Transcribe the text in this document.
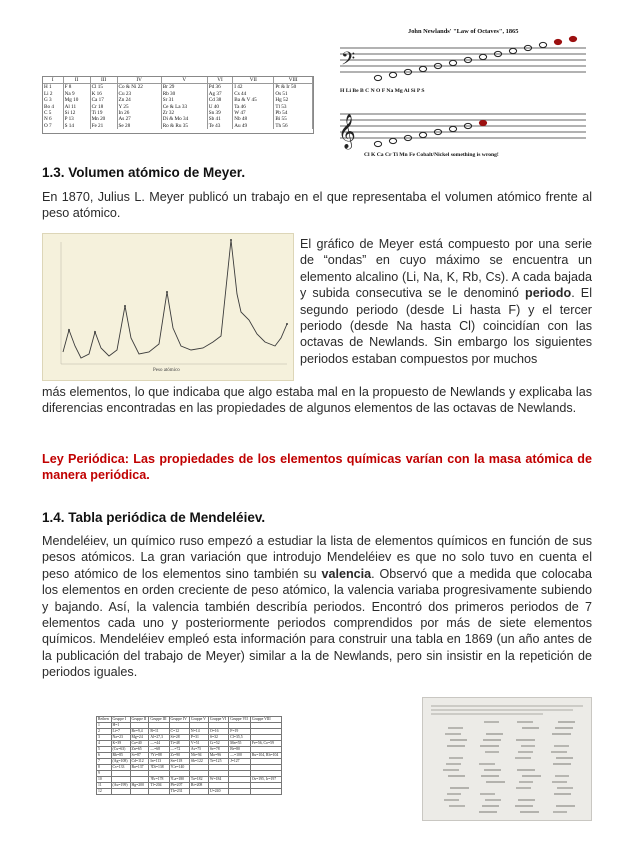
I	II	III	IV	V	VI	VII	VIII
H 1	F 8	Cl 15	Co & Ni 22	Br 29	Pd 36	I 42	Pt & Ir 50
Li 2	Na 9	K 16	Cu 23	Rb 30	Ag 37	Cs 44	Os 51
G 3	Mg 10	Ca 17	Zn 24	Sr 31	Cd 38	Ba & V 45	Hg 52
Bo 4	Al 11	Cr 18	Y 25	Ce & La 33	U 40	Ta 46	Tl 53
C 5	Si 12	Ti 19	In 26	Zr 32	Sn 39	W 47	Pb 54
N 6	P 13	Mn 20	As 27	Di & Mo 34	Sb 41	Nb 48	Bi 55
O 7	S 14	Fe 21	Se 28	Ro & Ru 35	Te 43	Au 49	Th 56
𝄢
𝄞
John Newlands' "Law of Octaves", 1865
H Li Be B C N O F Na Mg Al Si P S
Cl K Ca Cr Ti Mn Fe Cobalt/Nickel something is wrong!
1.3. Volumen atómico de Meyer.
En 1870, Julius L. Meyer publicó un trabajo en el que representaba el volumen atómico frente al peso atómico.
Peso atómico
El gráfico de Meyer está compuesto por una serie de “ondas” en cuyo máximo se encuentra un elemento alcalino (Li, Na, K, Rb, Cs). A cada bajada y subida consecutiva se le denominó periodo. El segundo periodo (desde Li hasta F) y el tercer periodo (desde Na hasta Cl) coincidían con las octavas de Newlands. Sin embargo los siguientes periodos estaban compuestos por muchos
más elementos, lo que indicaba que algo estaba mal en la propuesto de Newlands y explicaba las diferencias encontradas en las propiedades de algunos elementos de las octavas de Newlands.
Ley Periódica: Las propiedades de los elementos químicas varían con la masa atómica de manera periódica.
1.4. Tabla periódica de Mendeléiev.
Mendeléiev, un químico ruso empezó a estudiar la lista de elementos químicos en función de sus pesos atómicos. La gran variación que introdujo Mendeléiev es que no solo tuvo en cuenta el peso atómico de los elementos sino también su valencia. Observó que a medida que colocaba los elementos en orden creciente de peso atómico, la valencia variaba progresivamente subiendo y bajando. Así, la valencia también describía periodos. Encontró dos primeros periodos de 7 elementos cada uno y posteriormente periodos comprendidos por más de siete elementos químicos. Mendeléiev empleó esta información para construir una tabla en 1869 (un año antes de la publicación del trabajo de Meyer) similar a la de Newlands, pero sin insistir en la repetición de periodos iguales.
Reihen	Gruppe I	Gruppe II	Gruppe III	Gruppe IV	Gruppe V	Gruppe VI	Gruppe VII	Gruppe VIII
1	H=1							
2	Li=7	Be=9,4	B=11	C=12	N=14	O=16	F=19	
3	Na=23	Mg=24	Al=27,3	Si=28	P=31	S=32	Cl=35,5	
4	K=39	Ca=40	—=44	Ti=48	V=51	Cr=52	Mn=55	Fe=56, Co=59
5	(Cu=63)	Zn=65	—=68	—=72	As=75	Se=78	Br=80	
6	Rb=85	Sr=87	?Yt=88	Zr=90	Nb=94	Mo=96	—=100	Ru=104, Rh=104
7	(Ag=108)	Cd=112	In=113	Sn=118	Sb=122	Te=125	J=127	
8	Cs=133	Ba=137	?Di=138	?Ce=140				
9								
10			?Er=178	?La=180	Ta=182	W=184		Os=195, Ir=197
11	(Au=199)	Hg=200	Tl=204	Pb=207	Bi=208			
12				Th=231		U=240		
